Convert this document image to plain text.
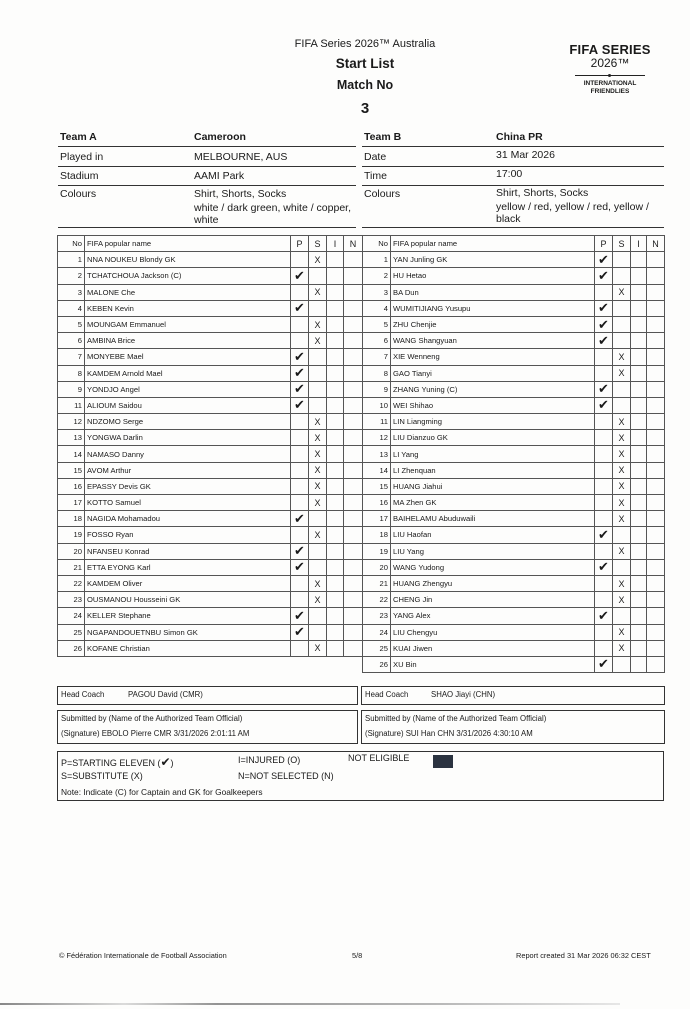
FIFA Series 2026™ Australia
Start List
Match No
3
FIFA SERIES
2026™
INTERNATIONAL
FRIENDLIES
Team A	Cameroon
Played in	MELBOURNE, AUS
Stadium	AAMI Park
Colours	Shirt, Shorts, Socks
white / dark green, white / copper,
white
Team B	China PR
Date	31 Mar 2026
Time	17:00
Colours	Shirt, Shorts, Socks
yellow / red, yellow / red, yellow /
black
No	FIFA popular name	P	S	I	N
1	NNA NOUKEU Blondy GK		X		
2	TCHATCHOUA Jackson (C)	✔			
3	MALONE Che		X		
4	KEBEN Kevin	✔			
5	MOUNGAM Emmanuel		X		
6	AMBINA Brice		X		
7	MONYEBE Mael	✔			
8	KAMDEM Arnold Mael	✔			
9	YONDJO Angel	✔			
11	ALIOUM Saidou	✔			
12	NDZOMO Serge		X		
13	YONGWA Darlin		X		
14	NAMASO Danny		X		
15	AVOM Arthur		X		
16	EPASSY Devis GK		X		
17	KOTTO Samuel		X		
18	NAGIDA Mohamadou	✔			
19	FOSSO Ryan		X		
20	NFANSEU Konrad	✔			
21	ETTA EYONG Karl	✔			
22	KAMDEM Oliver		X		
23	OUSMANOU Housseini GK		X		
24	KELLER Stephane	✔			
25	NGAPANDOUETNBU Simon GK	✔			
26	KOFANE Christian		X		
No	FIFA popular name	P	S	I	N
1	YAN Junling GK	✔			
2	HU Hetao	✔			
3	BA Dun		X		
4	WUMITIJIANG Yusupu	✔			
5	ZHU Chenjie	✔			
6	WANG Shangyuan	✔			
7	XIE Wenneng		X		
8	GAO Tianyi		X		
9	ZHANG Yuning (C)	✔			
10	WEI Shihao	✔			
11	LIN Liangming		X		
12	LIU Dianzuo GK		X		
13	LI Yang		X		
14	LI Zhenquan		X		
15	HUANG Jiahui		X		
16	MA Zhen GK		X		
17	BAIHELAMU Abuduwaili		X		
18	LIU Haofan	✔			
19	LIU Yang		X		
20	WANG Yudong	✔			
21	HUANG Zhengyu		X		
22	CHENG Jin		X		
23	YANG Alex	✔			
24	LIU Chengyu		X		
25	KUAI Jiwen		X		
26	XU Bin	✔			
Head Coach	PAGOU David (CMR)	Head Coach	SHAO Jiayi (CHN)
Submitted by (Name of the Authorized Team Official)
(Signature) EBOLO Pierre CMR 3/31/2026 2:01:11 AM
Submitted by (Name of the Authorized Team Official)
(Signature) SUI Han CHN 3/31/2026 4:30:10 AM
P=STARTING ELEVEN (✔)	I=INJURED (O)	NOT ELIGIBLE
S=SUBSTITUTE (X)	N=NOT SELECTED (N)
Note: Indicate (C) for Captain and GK for Goalkeepers
© Fédération Internationale de Football Association	5/8	Report created 31 Mar 2026 06:32 CEST
